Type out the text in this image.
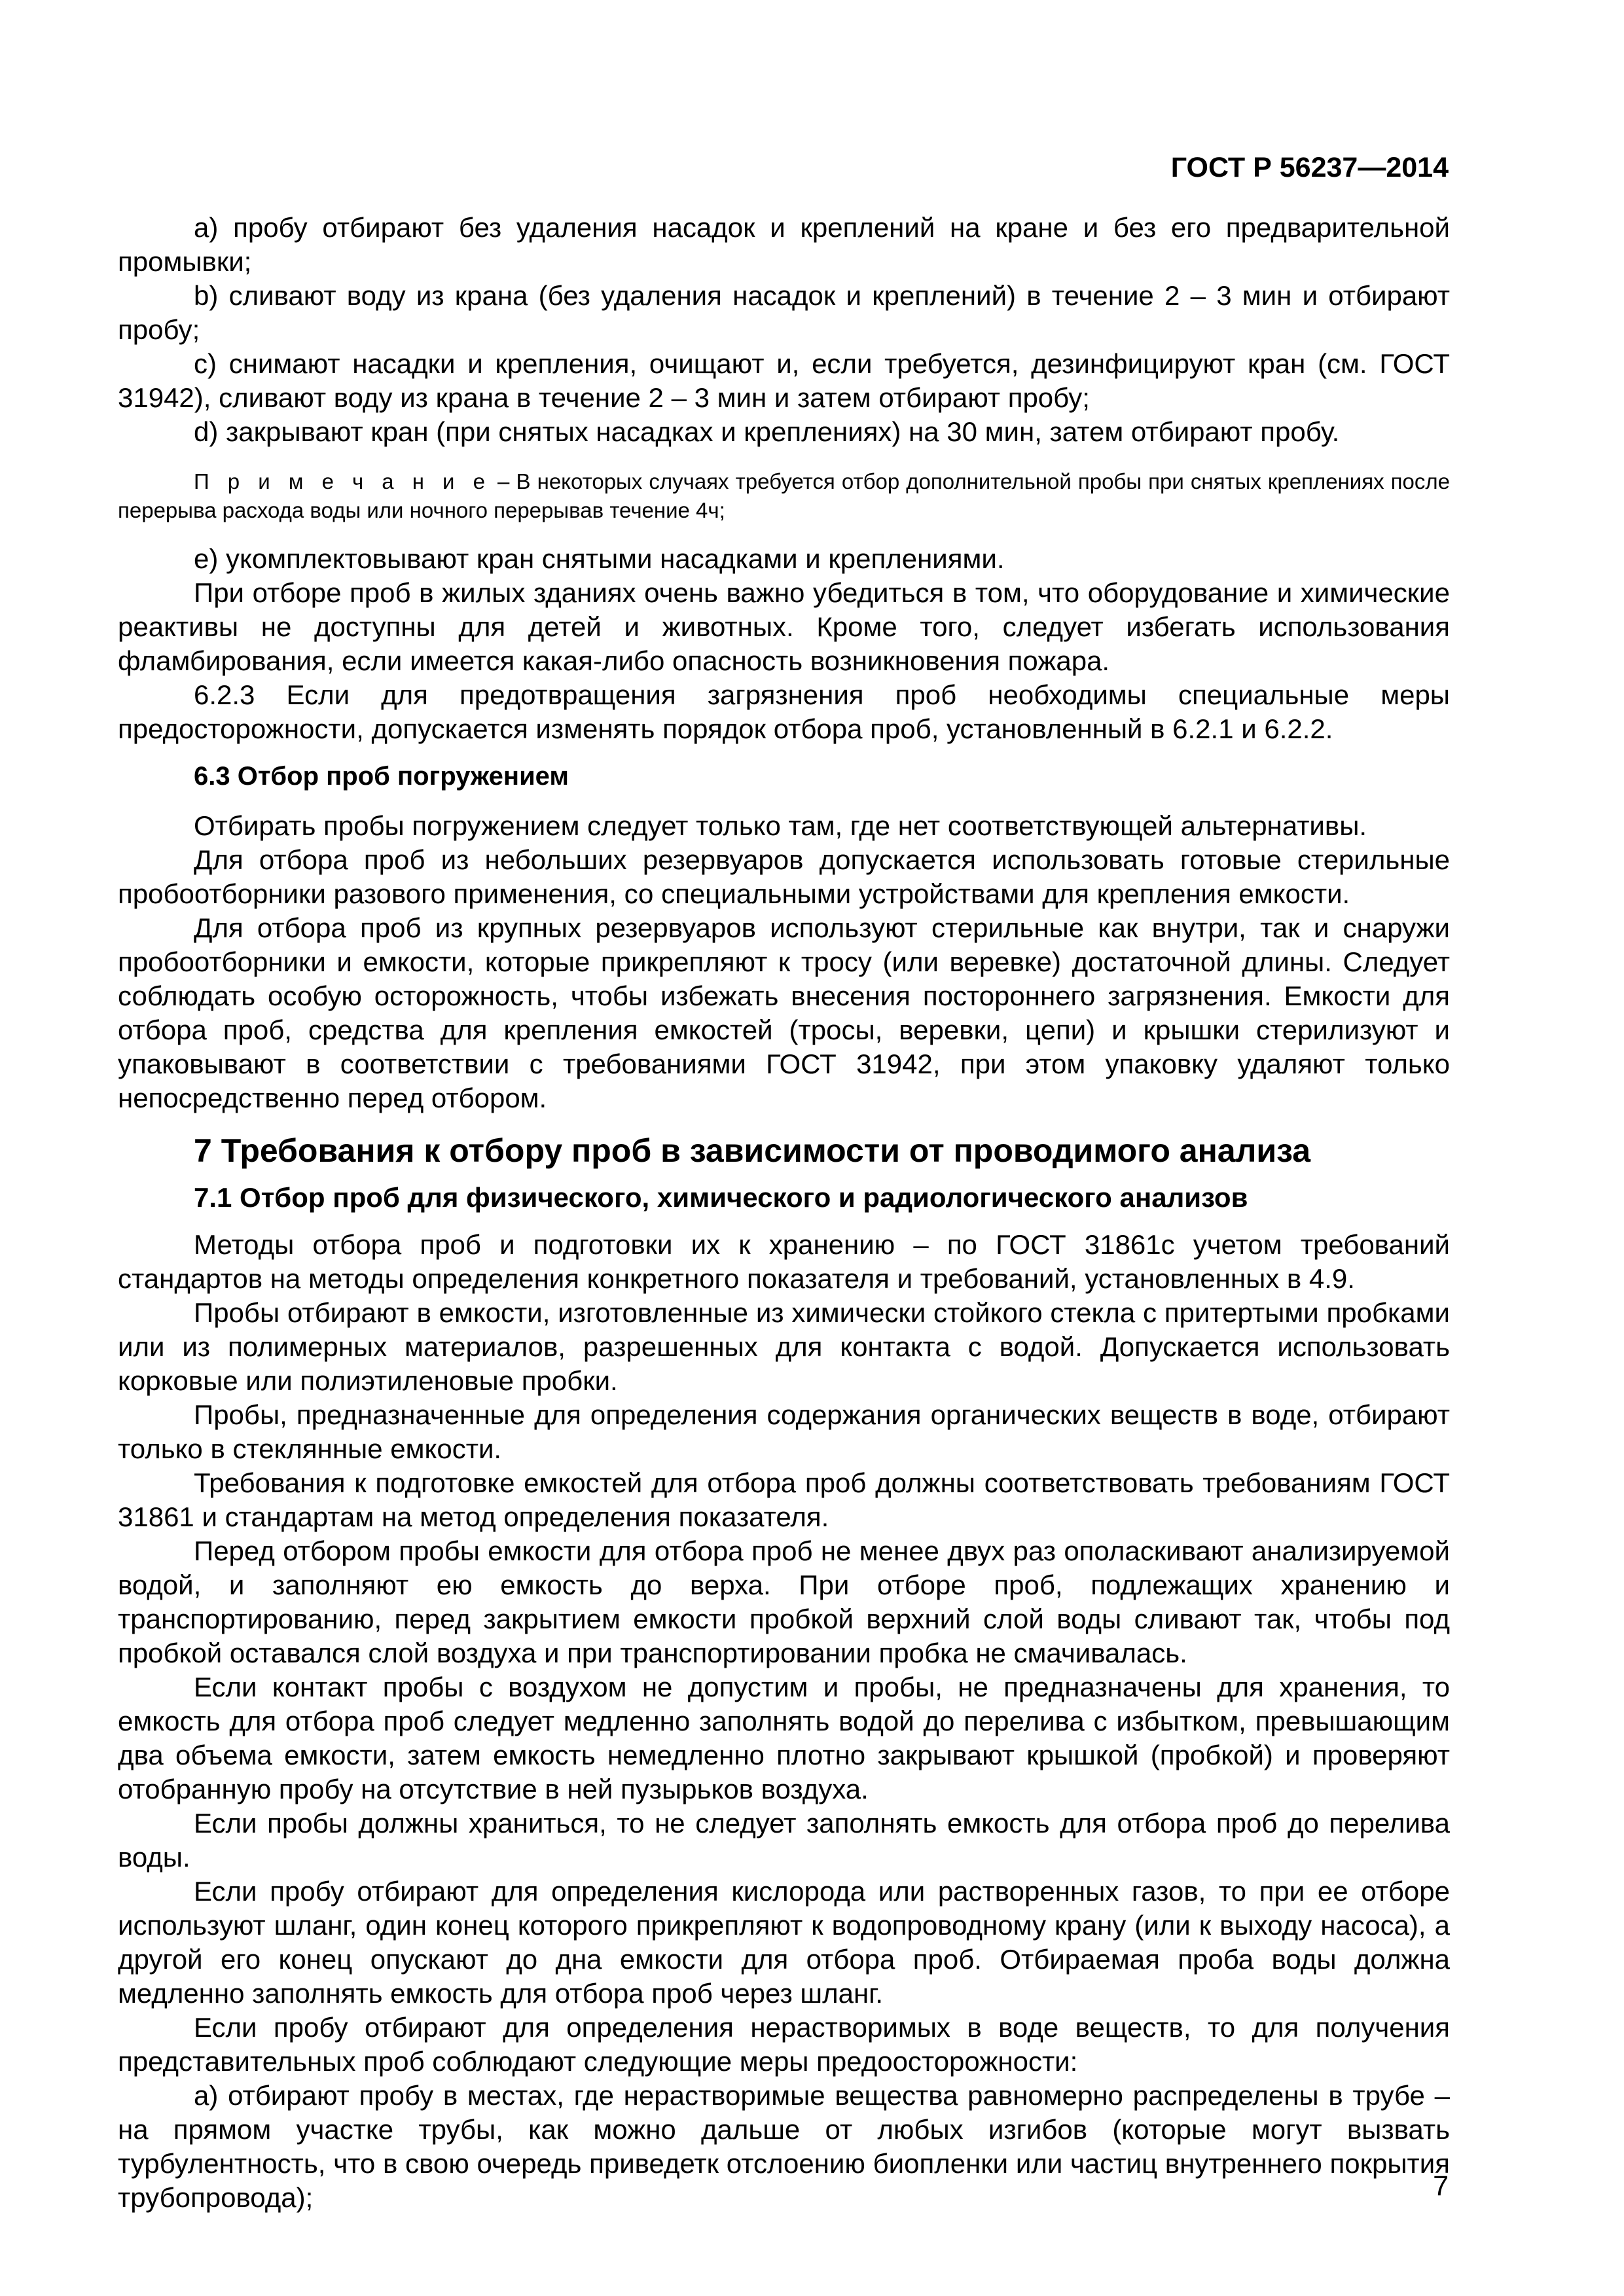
ГОСТ Р 56237—2014

а) пробу отбирают без удаления насадок и креплений на кране и без его предварительной промывки;

b) сливают воду из крана (без удаления насадок и креплений) в течение 2 – 3 мин и отбирают пробу;

c) снимают насадки и крепления, очищают и, если требуется, дезинфицируют кран (см. ГОСТ 31942), сливают воду из крана в течение 2 – 3 мин и затем отбирают пробу;

d) закрывают кран (при снятых насадках и креплениях) на 30 мин, затем отбирают пробу.

П р и м е ч а н и е – В некоторых случаях требуется отбор дополнительной пробы при снятых креплениях после перерыва расхода воды или ночного перерывав течение 4ч;

е) укомплектовывают кран снятыми насадками и креплениями.

При отборе проб в жилых зданиях очень важно убедиться в том, что оборудование и химические реактивы не доступны для детей и животных. Кроме того, следует избегать использования фламбирования, если имеется какая-либо опасность возникновения пожара.

6.2.3 Если для предотвращения загрязнения проб необходимы специальные меры предосторожности, допускается изменять порядок отбора проб, установленный в 6.2.1 и 6.2.2.

6.3 Отбор проб погружением

Отбирать пробы погружением следует только там, где нет соответствующей альтернативы.

Для отбора проб из небольших резервуаров допускается использовать готовые стерильные пробоотборники разового применения, со специальными устройствами для крепления емкости.

Для отбора проб из крупных резервуаров используют стерильные как внутри, так и снаружи пробоотборники и емкости, которые прикрепляют к тросу (или веревке) достаточной длины. Следует соблюдать особую осторожность, чтобы избежать внесения постороннего загрязнения. Емкости для отбора проб, средства для крепления емкостей (тросы, веревки, цепи) и крышки стерилизуют и упаковывают в соответствии с требованиями ГОСТ 31942, при этом упаковку удаляют только непосредственно перед отбором.

7 Требования к отбору проб в зависимости от проводимого анализа

7.1 Отбор проб для физического, химического и радиологического анализов

Методы отбора проб и подготовки их к хранению – по ГОСТ 31861с учетом требований стандартов на методы определения конкретного показателя и требований, установленных в 4.9.

Пробы отбирают в емкости, изготовленные из химически стойкого стекла с притертыми пробками или из полимерных материалов, разрешенных для контакта с водой. Допускается использовать корковые или полиэтиленовые пробки.

Пробы, предназначенные для определения содержания органических веществ в воде, отбирают только в стеклянные емкости.

Требования к подготовке емкостей для отбора проб должны соответствовать требованиям ГОСТ 31861 и стандартам на метод определения показателя.

Перед отбором пробы емкости для отбора проб не менее двух раз ополаскивают анализируемой водой, и заполняют ею емкость до верха. При отборе проб, подлежащих хранению и транспортированию, перед закрытием емкости пробкой верхний слой воды сливают так, чтобы под пробкой оставался слой воздуха и при транспортировании пробка не смачивалась.

Если контакт пробы с воздухом не допустим и пробы, не предназначены для хранения, то емкость для отбора проб следует медленно заполнять водой до перелива с избытком, превышающим два объема емкости, затем емкость немедленно плотно закрывают крышкой (пробкой) и проверяют отобранную пробу на отсутствие в ней пузырьков воздуха.

Если пробы должны храниться, то не следует заполнять емкость для отбора проб до перелива воды.

Если пробу отбирают для определения кислорода или растворенных газов, то при ее отборе используют шланг, один конец которого прикрепляют к водопроводному крану (или к выходу насоса), а другой его конец опускают до дна емкости для отбора проб. Отбираемая проба воды должна медленно заполнять емкость для отбора проб через шланг.

Если пробу отбирают для определения нерастворимых в воде веществ, то для получения представительных проб соблюдают следующие меры предоосторожности:

а) отбирают пробу в местах, где нерастворимые вещества равномерно распределены в трубе – на прямом участке трубы, как можно дальше от любых изгибов (которые могут вызвать турбулентность, что в свою очередь приведетк отслоению биопленки или частиц внутреннего покрытия трубопровода);	7
